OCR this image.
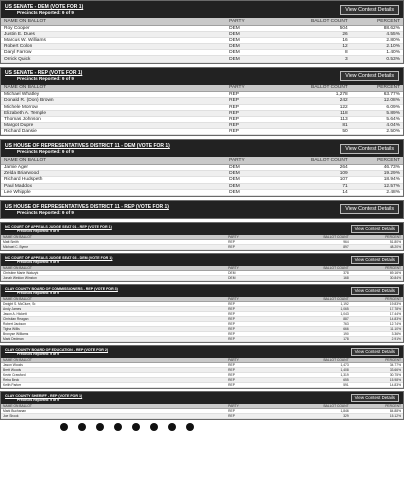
US SENATE - DEM (VOTE FOR 1)
Precincts Reported: 9 of 9	View Contest Details
NAME ON BALLOT	PARTY	BALLOT COUNT	PERCENT
Roy Cooper	DEM	504	88.62%
Justin E. Dues	DEM	26	4.55%
Marcus W. Williams	DEM	16	2.80%
Robert Colon	DEM	12	2.10%
Daryl Farrow	DEM	8	1.40%
Orrick Quick	DEM	3	0.53%
US SENATE - REP (VOTE FOR 1)
Precincts Reported: 9 of 9	View Contest Details
NAME ON BALLOT	PARTY	BALLOT COUNT	PERCENT
Michael Whatley	REP	1,278	63.77%
Donald R. (Don) Brown	REP	242	12.08%
Michele Morrow	REP	122	6.09%
Elizabeth A. Temple	REP	118	5.89%
Thomas Johnson	REP	113	5.64%
Margot Dupre	REP	81	4.04%
Richard Dansie	REP	50	2.50%
US HOUSE OF REPRESENTATIVES DISTRICT 11 - DEM (VOTE FOR 1)
Precincts Reported: 9 of 9	View Contest Details
NAME ON BALLOT	PARTY	BALLOT COUNT	PERCENT
Jamie Ager	DEM	264	46.73%
Zelda Briarwood	DEM	109	19.29%
Richard Hudspeth	DEM	107	18.94%
Paul Maddox	DEM	71	12.57%
Lee Whipple	DEM	14	2.48%
US HOUSE OF REPRESENTATIVES DISTRICT 11 - REP (VOTE FOR 1)
Precincts Reported: 9 of 9	View Contest Details
NC COURT OF APPEALS JUDGE SEAT 01 - REP (VOTE FOR 1)
Precincts Reported: 9 of 9
View Contest Details
NAME ON BALLOT	PARTY	BALLOT COUNT	PERCENT
Matt Smith	REP	964	51.80%
Michael C. Byrne	REP	897	48.20%
NC COURT OF APPEALS JUDGE SEAT 03 - DEM (VOTE FOR 1)
Precincts Reported: 9 of 9
View Contest Details
NAME ON BALLOT	PARTY	BALLOT COUNT	PERCENT
Christine Marie Walczyk	DEM	378	69.16%
Jonah Weldon Winston	DEM	168	30.84%
CLAY COUNTY BOARD OF COMMISSIONERS - REP (VOTE FOR 3)
Precincts Reported: 9 of 9
View Contest Details
NAME ON BALLOT	PARTY	BALLOT COUNT	PERCENT
Dwight S. McClure, Sr.	REP	1,192	19.83%
Andy James	REP	1,065	17.78%
Jason A. Hickett	REP	1,043	17.44%
Christian Reagan	REP	887	14.83%
Robert Jackson	REP	763	12.74%
Tigha Willis	REP	666	11.10%
Bronyse Williams	REP	190	3.36%
Mark Dedman	REP	178	2.91%
CLAY COUNTY BOARD OF EDUCATION - REP (VOTE FOR 2)
Precincts Reported: 9 of 9
View Contest Details
NAME ON BALLOT	PARTY	BALLOT COUNT	PERCENT
Jason Woods	REP	1,473	34.77%
Brett Woods	REP	1,408	33.66%
Kevin Crawford	REP	1,319	30.75%
Reba Beck	REP	655	15.98%
Keith Parker	REP	591	14.83%
CLAY COUNTY SHERIFF - REP (VOTE FOR 1)
Precincts Reported: 9 of 9
View Contest Details
NAME ON BALLOT	PARTY	BALLOT COUNT	PERCENT
Mark Buchanan	REP	1,846	84.88%
Joe Shook	REP	329	15.12%
